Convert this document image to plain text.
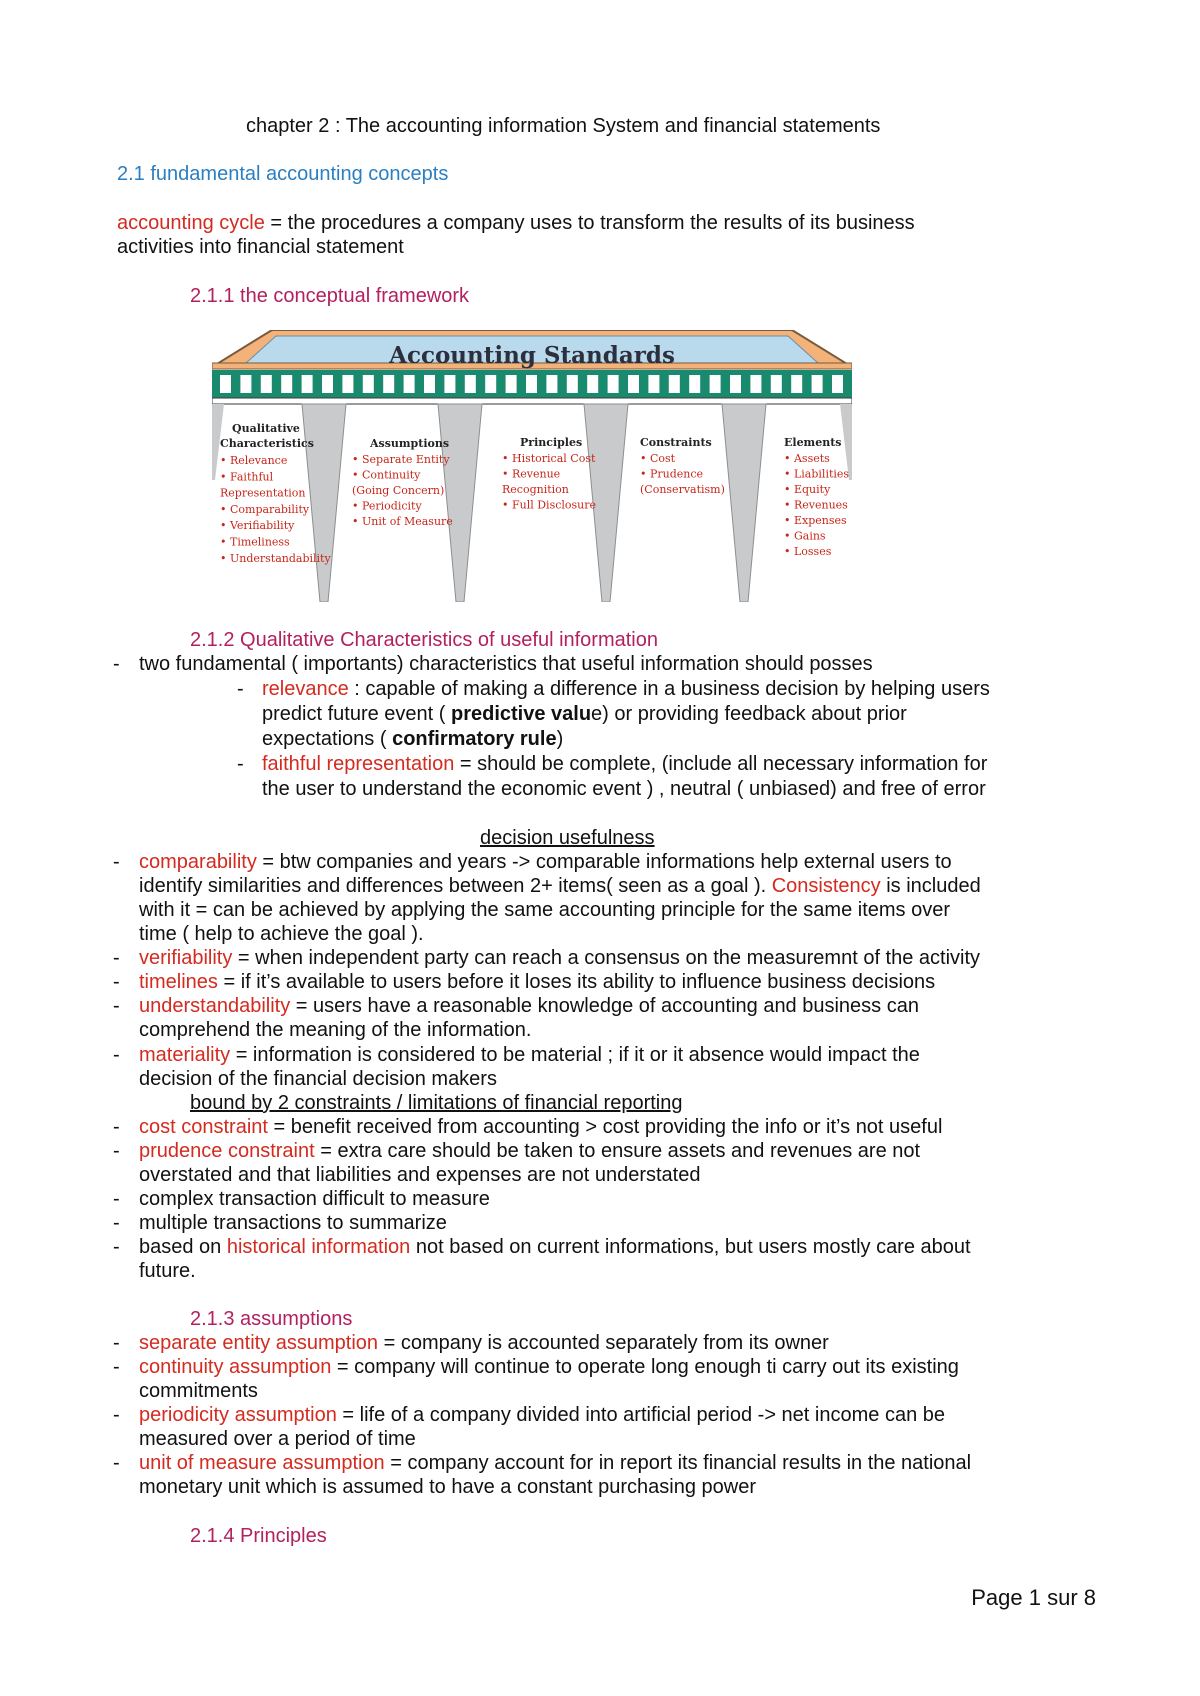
chapter 2 : The accounting information System and financial statements
2.1 fundamental accounting concepts
accounting cycle = the procedures a company uses to transform the results of its business
activities into financial statement
2.1.1 the conceptual framework
Accounting Standards
Qualitative
Characteristics
• Relevance
• Faithful
Representation
• Comparability
• Verifiability
• Timeliness
• Understandability
Assumptions
• Separate Entity
• Continuity
(Going Concern)
• Periodicity
• Unit of Measure
Principles
• Historical Cost
• Revenue
Recognition
• Full Disclosure
Constraints
• Cost
• Prudence
(Conservatism)
Elements
• Assets
• Liabilities
• Equity
• Revenues
• Expenses
• Gains
• Losses
2.1.2 Qualitative Characteristics of useful information
- two fundamental ( importants) characteristics that useful information should posses
- relevance : capable of making a difference in a business decision by helping users
predict future event ( predictive value) or providing feedback about prior
expectations ( confirmatory rule)
- faithful representation = should be complete, (include all necessary information for
the user to understand the economic event ) , neutral ( unbiased) and free of error
decision usefulness
- comparability = btw companies and years -> comparable informations help external users to
identify similarities and differences between 2+ items( seen as a goal ). Consistency is included
with it = can be achieved by applying the same accounting principle for the same items over
time ( help to achieve the goal ).
- verifiability = when independent party can reach a consensus on the measuremnt of the activity
- timelines = if it’s available to users before it loses its ability to influence business decisions
- understandability = users have a reasonable knowledge of accounting and business can
comprehend the meaning of the information.
- materiality = information is considered to be material ; if it or it absence would impact the
decision of the financial decision makers
bound by 2 constraints / limitations of financial reporting
- cost constraint = benefit received from accounting > cost providing the info or it’s not useful
- prudence constraint = extra care should be taken to ensure assets and revenues are not
overstated and that liabilities and expenses are not understated
- complex transaction difficult to measure
- multiple transactions to summarize
- based on historical information not based on current informations, but users mostly care about
future.
2.1.3 assumptions
- separate entity assumption = company is accounted separately from its owner
- continuity assumption = company will continue to operate long enough ti carry out its existing
commitments
- periodicity assumption = life of a company divided into artificial period -> net income can be
measured over a period of time
- unit of measure assumption = company account for in report its financial results in the national
monetary unit which is assumed to have a constant purchasing power
2.1.4 Principles
Page 1 sur 8
